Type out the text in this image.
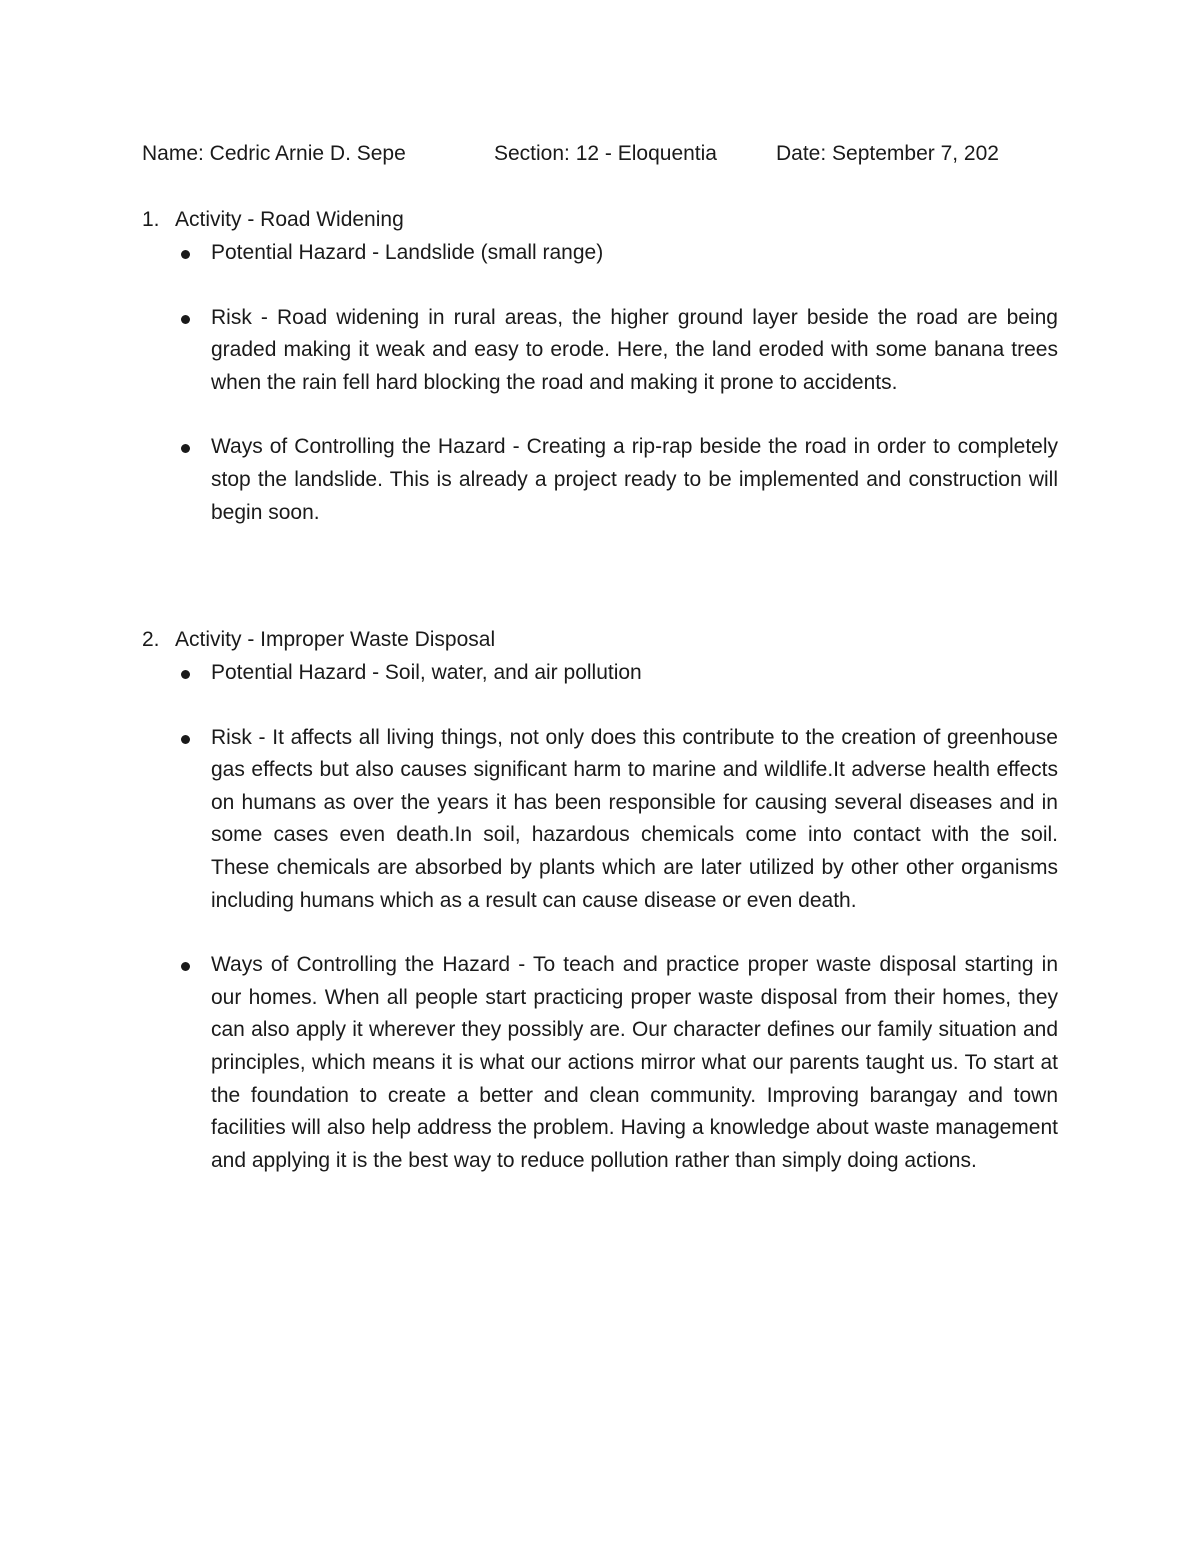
Name: Cedric Arnie D. Sepe	Section: 12 - Eloquentia	Date: September 7, 202
1. Activity - Road Widening
Potential Hazard - Landslide (small range)
Risk - Road widening in rural areas, the higher ground layer beside the road are being graded making it weak and easy to erode. Here, the land eroded with some banana trees when the rain fell hard blocking the road and making it prone to accidents.
Ways of Controlling the Hazard - Creating a rip-rap beside the road in order to completely stop the landslide. This is already a project ready to be implemented and construction will begin soon.
2. Activity - Improper Waste Disposal
Potential Hazard - Soil, water, and air pollution
Risk - It affects all living things, not only does this contribute to the creation of greenhouse gas effects but also causes significant harm to marine and wildlife.It adverse health effects on humans as over the years it has been responsible for causing several diseases and in some cases even death.In soil, hazardous chemicals come into contact with the soil. These chemicals are absorbed by plants which are later utilized by other other organisms including humans which as a result can cause disease or even death.
Ways of Controlling the Hazard - To teach and practice proper waste disposal starting in our homes. When all people start practicing proper waste disposal from their homes, they can also apply it wherever they possibly are. Our character defines our family situation and principles, which means it is what our actions mirror what our parents taught us. To start at the foundation to create a better and clean community. Improving barangay and town facilities will also help address the problem. Having a knowledge about waste management and applying it is the best way to reduce pollution rather than simply doing actions.
